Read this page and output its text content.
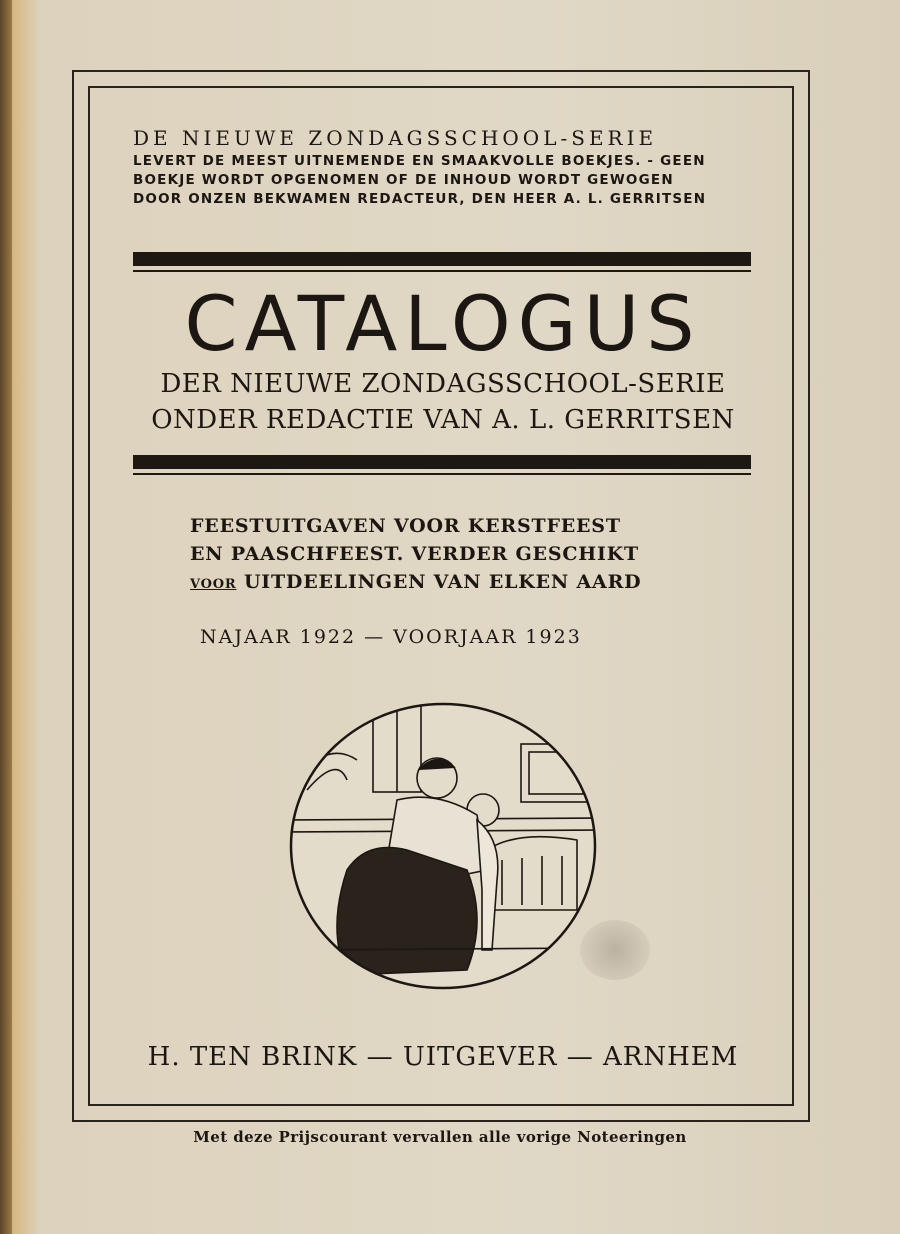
DE NIEUWE ZONDAGSSCHOOL-SERIE
LEVERT DE MEEST UITNEMENDE EN SMAAKVOLLE BOEKJES. - GEEN
BOEKJE WORDT OPGENOMEN OF DE INHOUD WORDT GEWOGEN
DOOR ONZEN BEKWAMEN REDACTEUR, DEN HEER A. L. GERRITSEN
CATALOGUS
DER NIEUWE ZONDAGSSCHOOL-SERIE
ONDER REDACTIE VAN A. L. GERRITSEN
FEESTUITGAVEN VOOR KERSTFEEST
EN PAASCHFEEST. VERDER GESCHIKT
VOOR UITDEELINGEN VAN ELKEN AARD
NAJAAR 1922 — VOORJAAR 1923
H. TEN BRINK — UITGEVER — ARNHEM
Met deze Prijscourant vervallen alle vorige Noteeringen
